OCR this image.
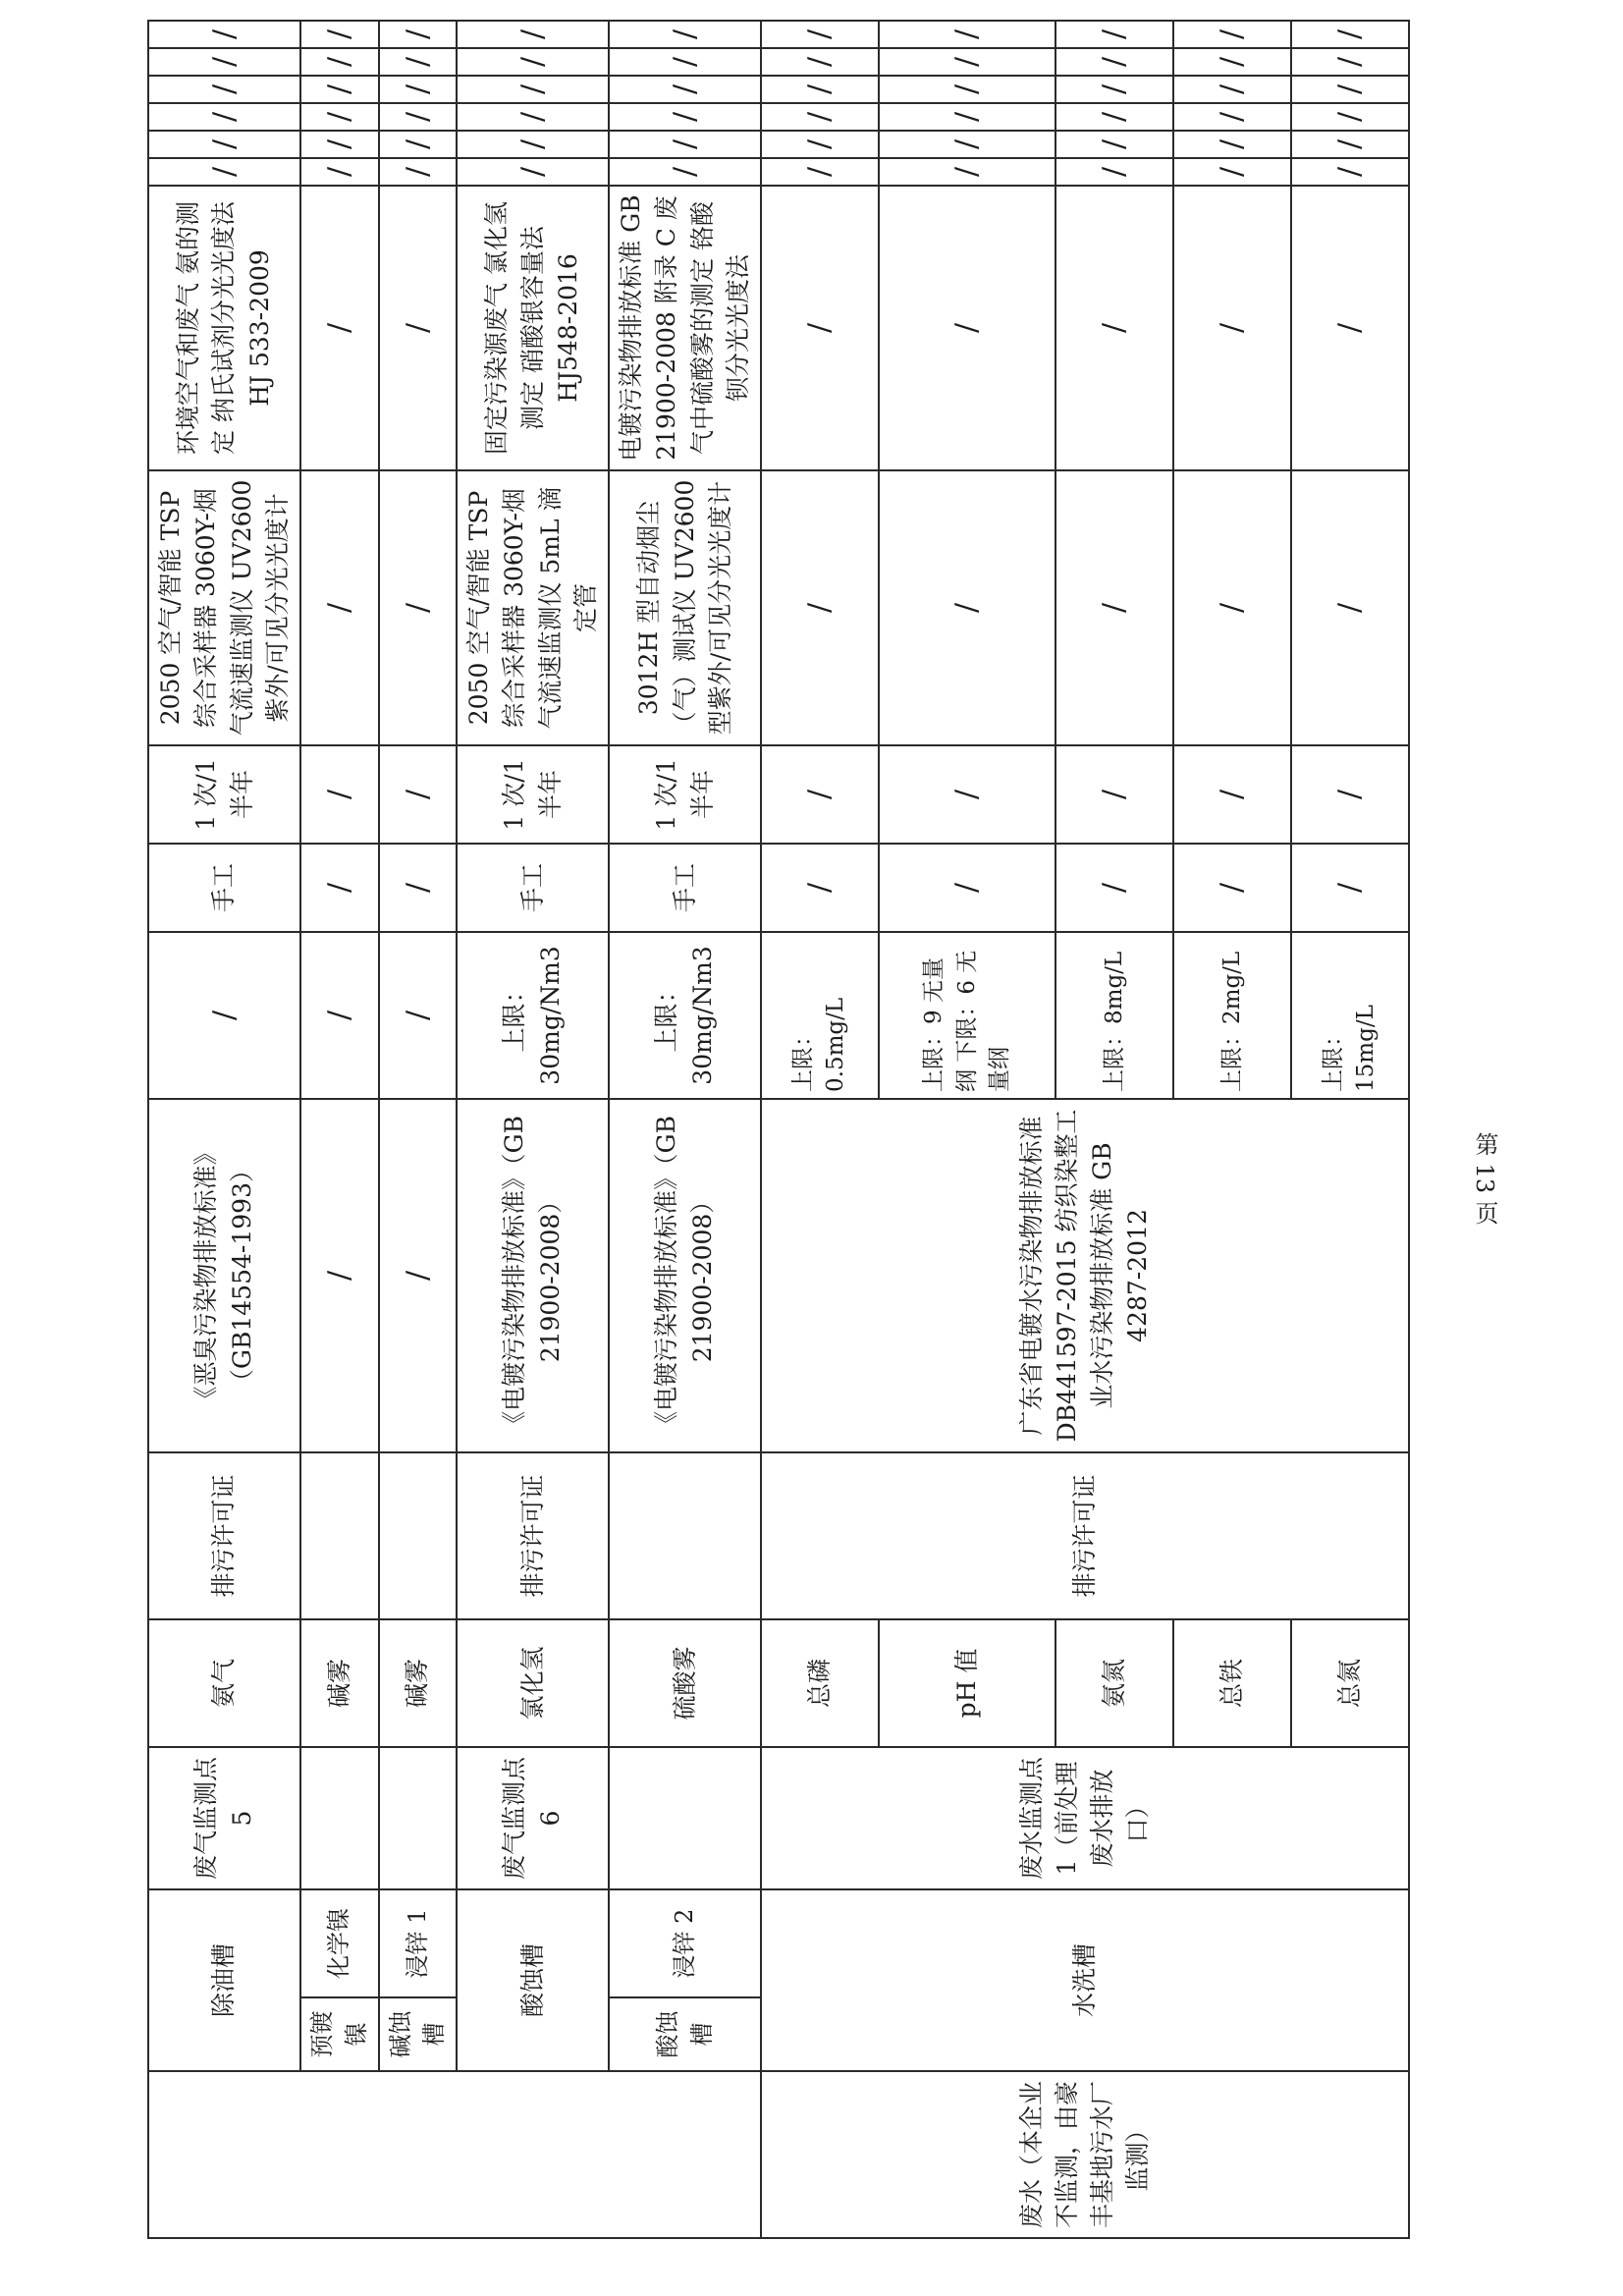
	除油槽		废气监测点 5	氨气	排污许可证	《恶臭污染物排放标准》（GB14554-1993）	/	手工	1 次/1 半年	2050 空气/智能 TSP 综合采样器 3060Y-烟气流速监测仪 UV2600 紫外/可见分光光度计	环境空气和废气 氨的测定 纳氏试剂分光光度法 HJ 533-2009	/	/	/	/	/	/
	预镀镍	化学镍		碱雾		/	/	/	/	/	/	/	/	/	/	/	/
	碱蚀槽	浸锌 1		碱雾		/	/	/	/	/	/	/	/	/	/	/	/
	酸蚀槽		废气监测点 6	氯化氢	排污许可证	《电镀污染物排放标准》（GB 21900-2008）	上限：30mg/Nm3	手工	1 次/1 半年	2050 空气/智能 TSP 综合采样器 3060Y-烟气流速监测仪 5mL 滴定管	固定污染源废气 氯化氢测定 硝酸银容量法 HJ548-2016	/	/	/	/	/	/
	酸蚀槽	浸锌 2		硫酸雾		《电镀污染物排放标准》（GB 21900-2008）	上限：30mg/Nm3	手工	1 次/1 半年	3012H 型自动烟尘（气）测试仪 UV2600 型紫外/可见分光光度计	电镀污染物排放标准 GB 21900-2008 附录 C 废气中硫酸雾的测定 铬酸钡分光光度法	/	/	/	/	/	/
废水（本企业不监测，由豪丰基地污水厂监测）	水洗槽		废水监测点 1（前处理废水排放口）	总磷	排污许可证	广东省电镀水污染物排放标准 DB441597-2015 纺织染整工业水污染物排放标准 GB 4287-2012	上限：0.5mg/L	/	/	/	/	/	/	/	/	/	/
				pH 值			上限：9 无量纲 下限：6 无量纲	/	/	/	/	/	/	/	/	/	/
				氨氮			上限：8mg/L	/	/	/	/	/	/	/	/	/	/
				总铁			上限：2mg/L	/	/	/	/	/	/	/	/	/	/
				总氮			上限：15mg/L	/	/	/	/	/	/	/	/	/	/
第 13 页
